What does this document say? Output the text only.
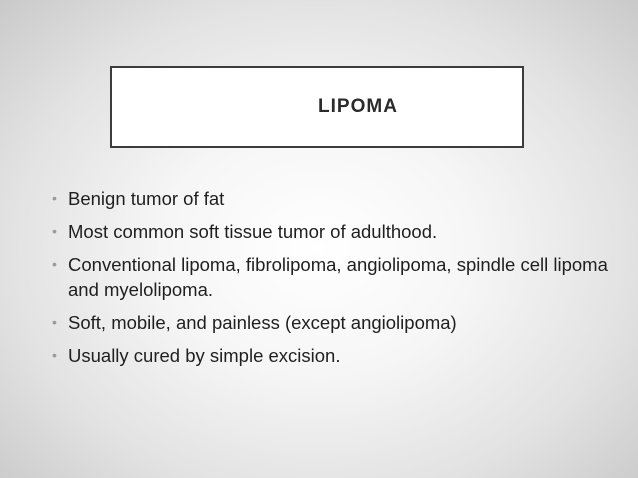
LIPOMA
• Benign tumor of fat
• Most common soft tissue tumor of adulthood.
• Conventional lipoma, fibrolipoma, angiolipoma, spindle cell lipoma and myelolipoma.
• Soft, mobile, and painless (except angiolipoma)
• Usually cured by simple excision.
